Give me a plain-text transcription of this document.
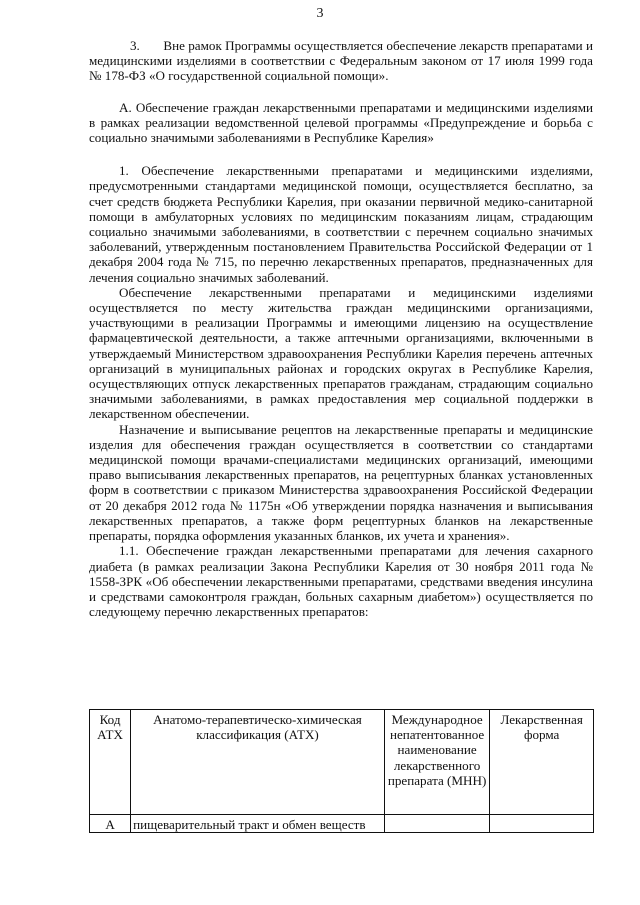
3

3.       Вне рамок Программы осуществляется обеспечение лекарств препаратами и медицинскими изделиями в соответствии с Федеральным законом от 17 июля 1999 года № 178-ФЗ «О государственной социальной помощи».

А. Обеспечение граждан лекарственными препаратами и медицинскими изделиями в рамках реализации ведомственной целевой программы «Предупреждение и борьба с социально значимыми заболеваниями в Республике Карелия»

1. Обеспечение лекарственными препаратами и медицинскими изделиями, предусмотренными стандартами медицинской помощи, осуществляется бесплатно, за счет средств бюджета Республики Карелия, при оказании первичной медико-санитарной помощи в амбулаторных условиях по медицинским показаниям лицам, страдающим социально значимыми заболеваниями, в соответствии с перечнем социально значимых заболеваний, утвержденным постановлением Правительства Российской Федерации от 1 декабря 2004 года № 715, по перечню лекарственных препаратов, предназначенных для лечения социально значимых заболеваний.

Обеспечение лекарственными препаратами и медицинскими изделиями осуществляется по месту жительства граждан медицинскими организациями, участвующими в реализации Программы и имеющими лицензию на осуществление фармацевтической деятельности, а также аптечными организациями, включенными в утверждаемый Министерством здравоохранения Республики Карелия перечень аптечных организаций в муниципальных районах и городских округах в Республике Карелия, осуществляющих отпуск лекарственных препаратов гражданам, страдающим социально значимыми заболеваниями, в рамках предоставления мер социальной поддержки в лекарственном обеспечении.

Назначение и выписывание рецептов на лекарственные препараты и медицинские изделия для обеспечения граждан осуществляется в соответствии со стандартами медицинской помощи врачами-специалистами медицинских организаций, имеющими право выписывания лекарственных препаратов, на рецептурных бланках установленных форм в соответствии с приказом Министерства здравоохранения Российской Федерации от 20 декабря 2012 года № 1175н «Об утверждении порядка назначения и выписывания лекарственных препаратов, а также форм рецептурных бланков на лекарственные препараты, порядка оформления указанных бланков, их учета и хранения».

1.1. Обеспечение граждан лекарственными препаратами для лечения сахарного диабета (в рамках реализации Закона Республики Карелия от 30 ноября 2011 года № 1558-ЗРК «Об обеспечении лекарственными препаратами, средствами введения инсулина и средствами самоконтроля граждан, больных сахарным диабетом») осуществляется по следующему перечню лекарственных препаратов:

Код АТХ	Анатомо-терапевтическо-химическая классификация (АТХ)	Международное непатентованное наименование лекарственного препарата (МНН)	Лекарственная форма
A	пищеварительный тракт и обмен веществ		
